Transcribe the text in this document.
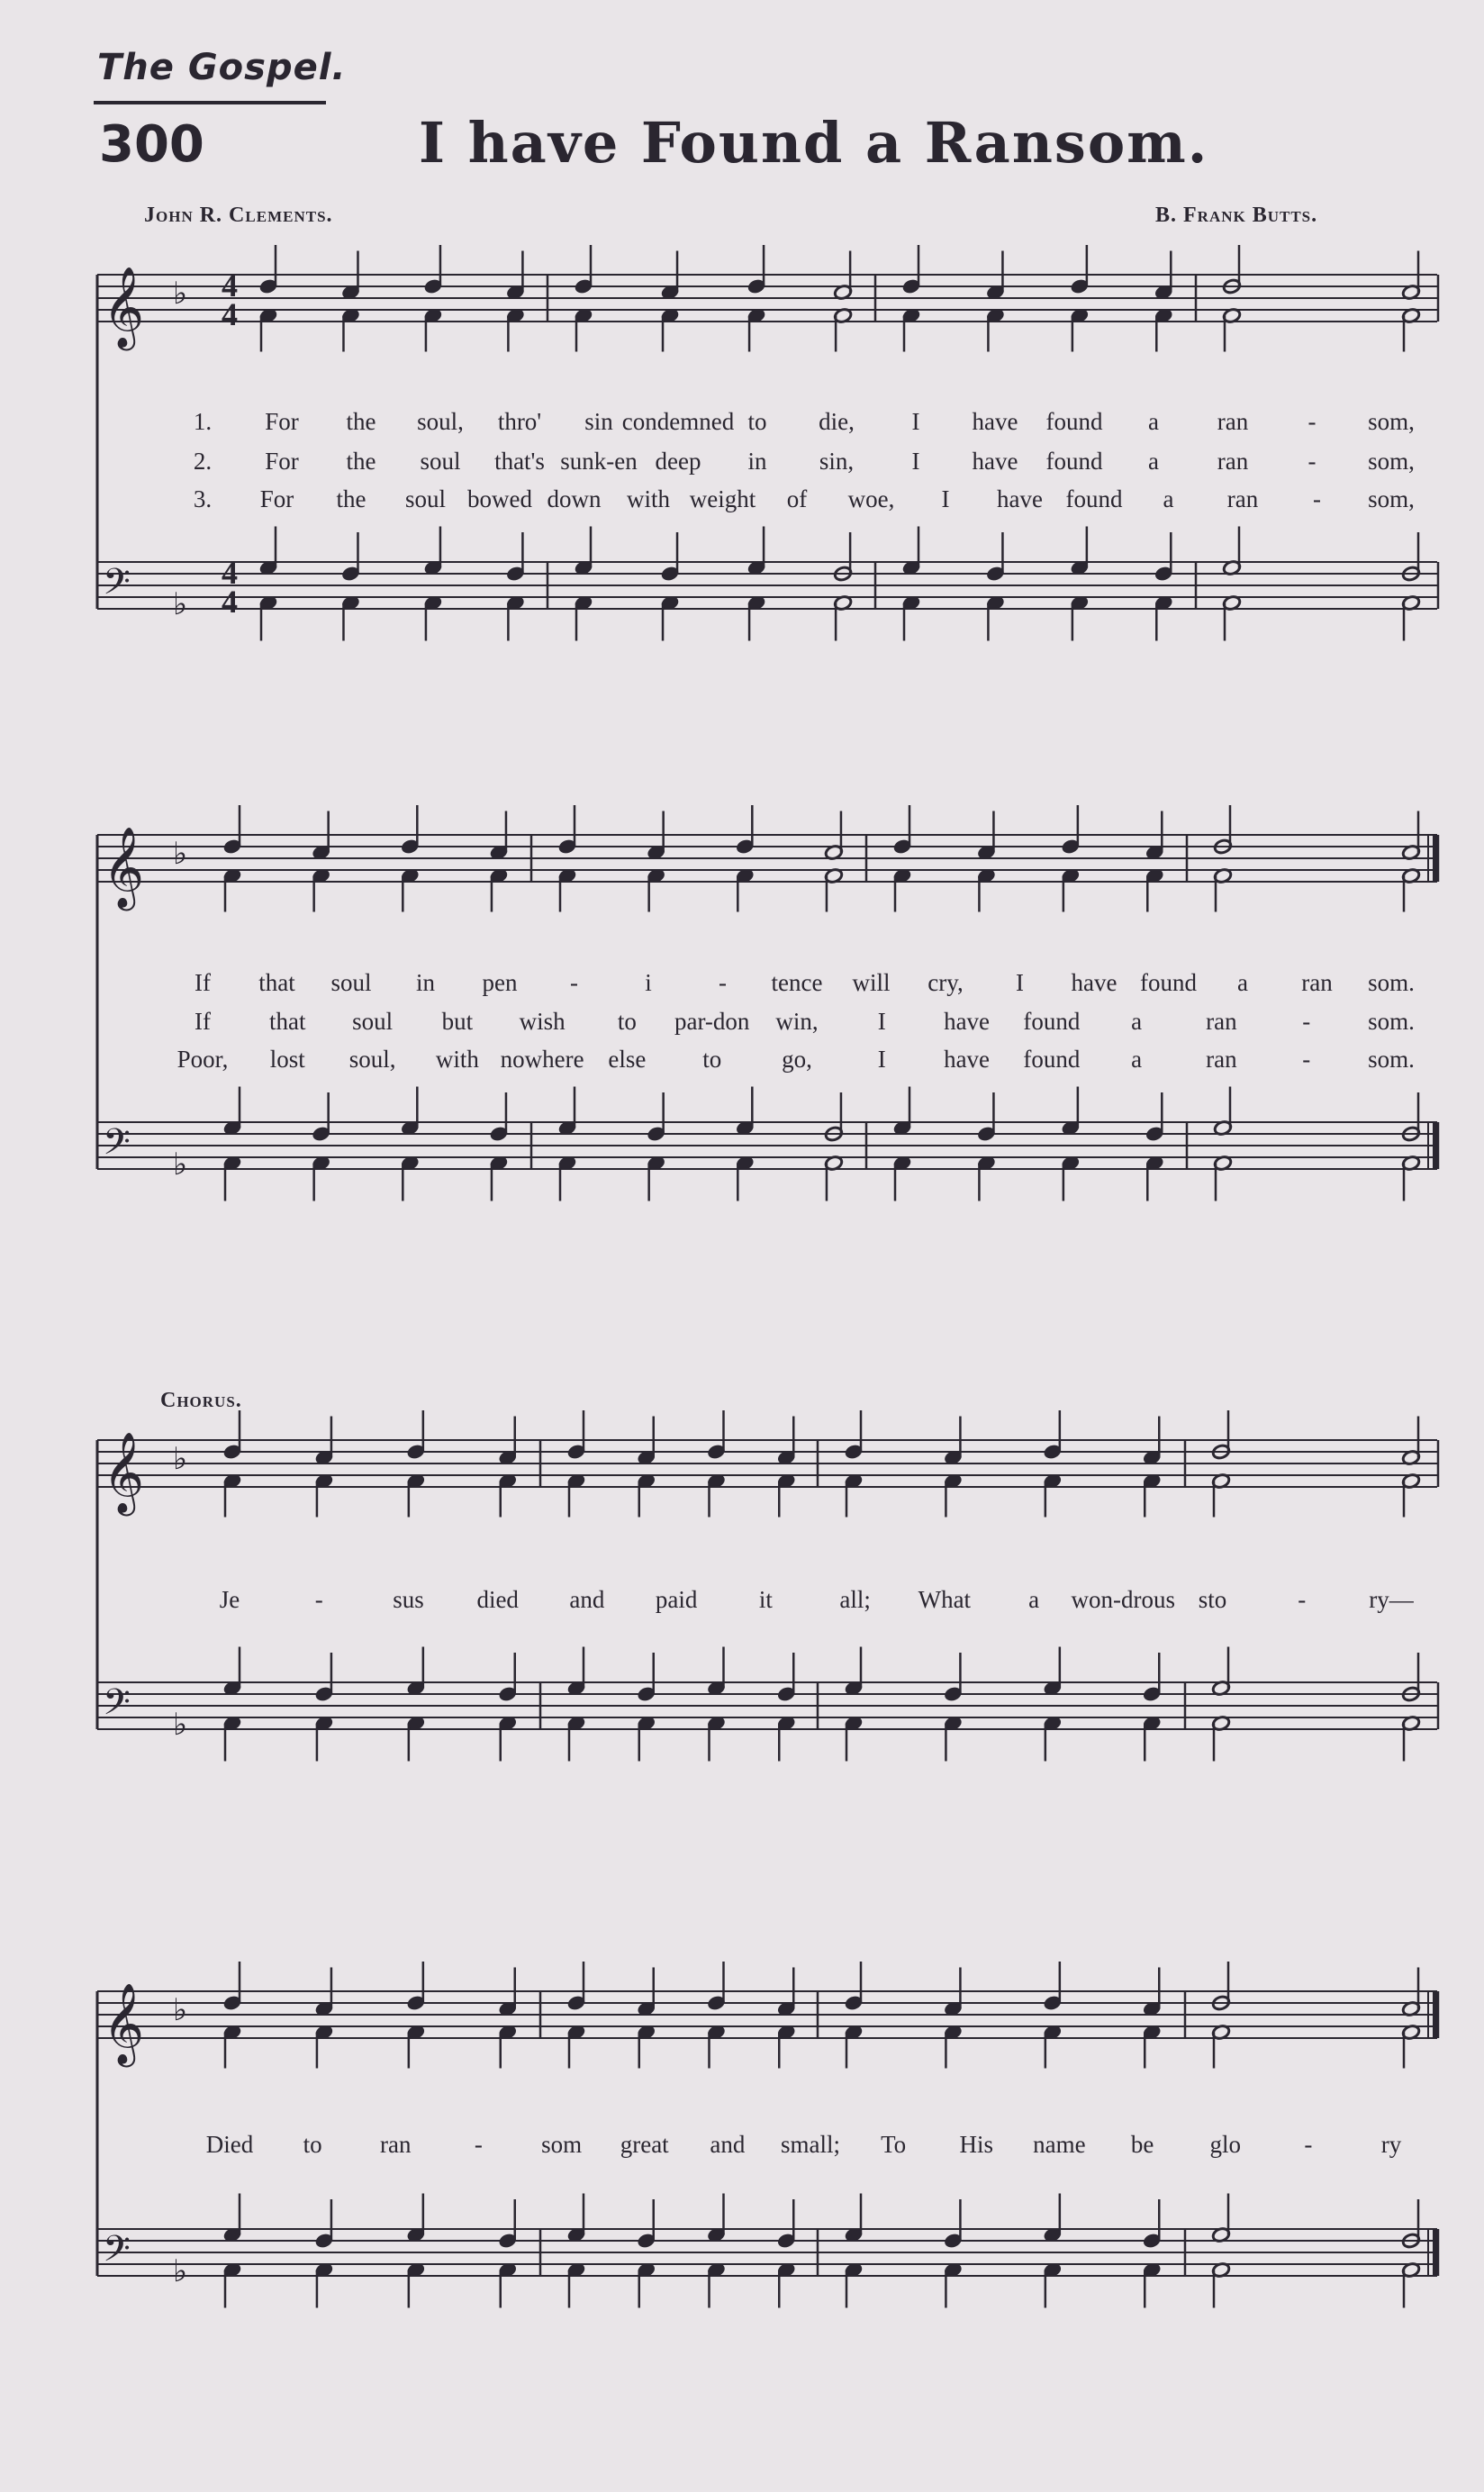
The Gospel.
300	I have Found a Ransom.
John R. Clements.	B. Frank Butts.
Chorus.
𝄞
𝄢
♭
♭
4
4
4
4
1. For the soul, thro' sin condemned to die, I have found a ran - som,
2. For the soul that's sunk-en deep in sin, I have found a ran - som,
3. For the soul bowed down with weight of woe, I have found a ran - som,
𝄞
𝄢
♭
♭
If that soul in pen -	i	- tence will cry, I have found a ran som.
If that soul but wish to par-don win, I have found a	ran	- som.
Poor, lost soul, with nowhere else to go,	I have found a	ran	- som.
𝄞
𝄢
♭
♭
Je	-	sus died and paid	it	all; What a won-drous sto	-	ry—
𝄞
𝄢
♭
♭
Died to ran	- som great and small; To His name be glo	-	ry
